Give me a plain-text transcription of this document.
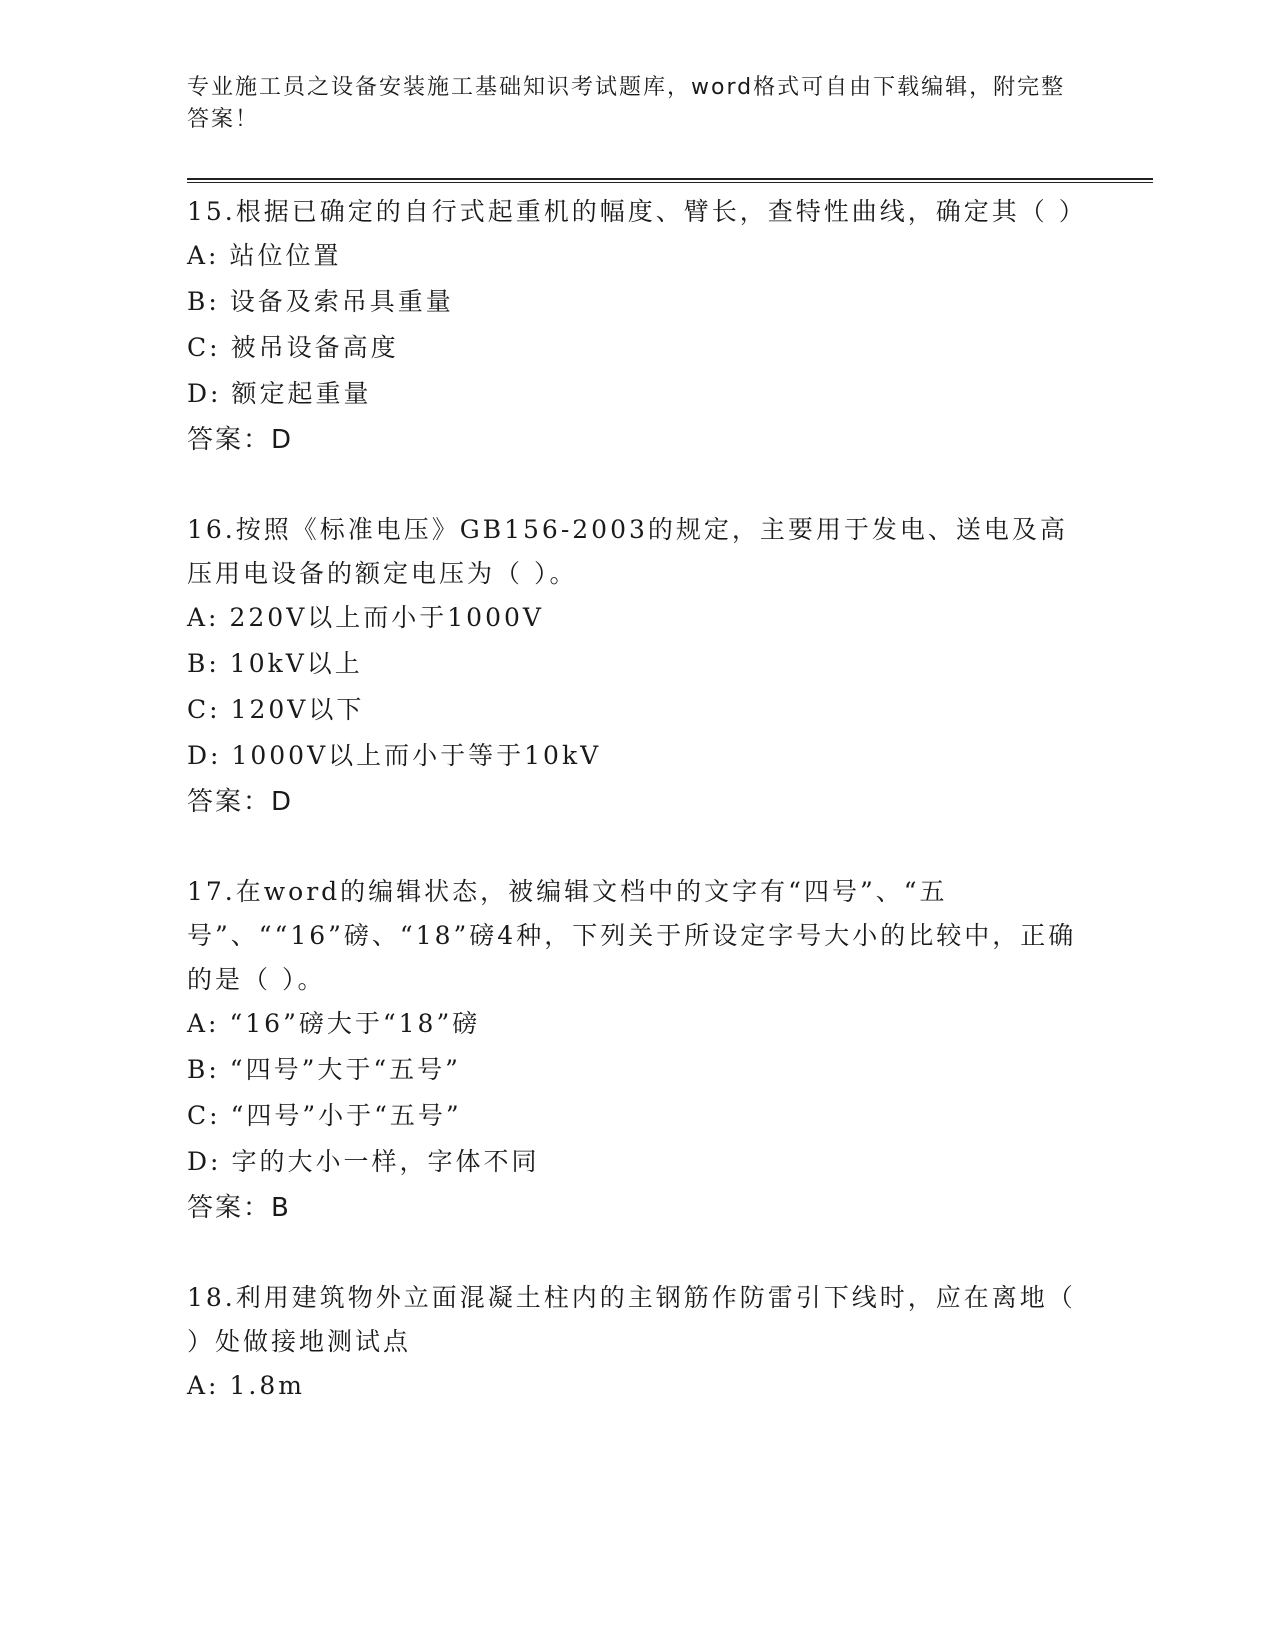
专业施工员之设备安装施工基础知识考试题库，word格式可自由下载编辑，附完整答案！
15.根据已确定的自行式起重机的幅度、臂长，查特性曲线，确定其（ ）
A: 站位位置
B: 设备及索吊具重量
C: 被吊设备高度
D: 额定起重量
答案：D
16.按照《标准电压》GB156-2003的规定，主要用于发电、送电及高压用电设备的额定电压为（ ）。
A: 220V以上而小于1000V
B: 10kV以上
C: 120V以下
D: 1000V以上而小于等于10kV
答案：D
17.在word的编辑状态，被编辑文档中的文字有“四号”、“五号”、““16”磅、“18”磅4种，下列关于所设定字号大小的比较中，正确的是（ ）。
A: “16”磅大于“18”磅
B: “四号”大于“五号”
C: “四号”小于“五号”
D: 字的大小一样，字体不同
答案：B
18.利用建筑物外立面混凝土柱内的主钢筋作防雷引下线时，应在离地（ ）处做接地测试点
A: 1.8m
